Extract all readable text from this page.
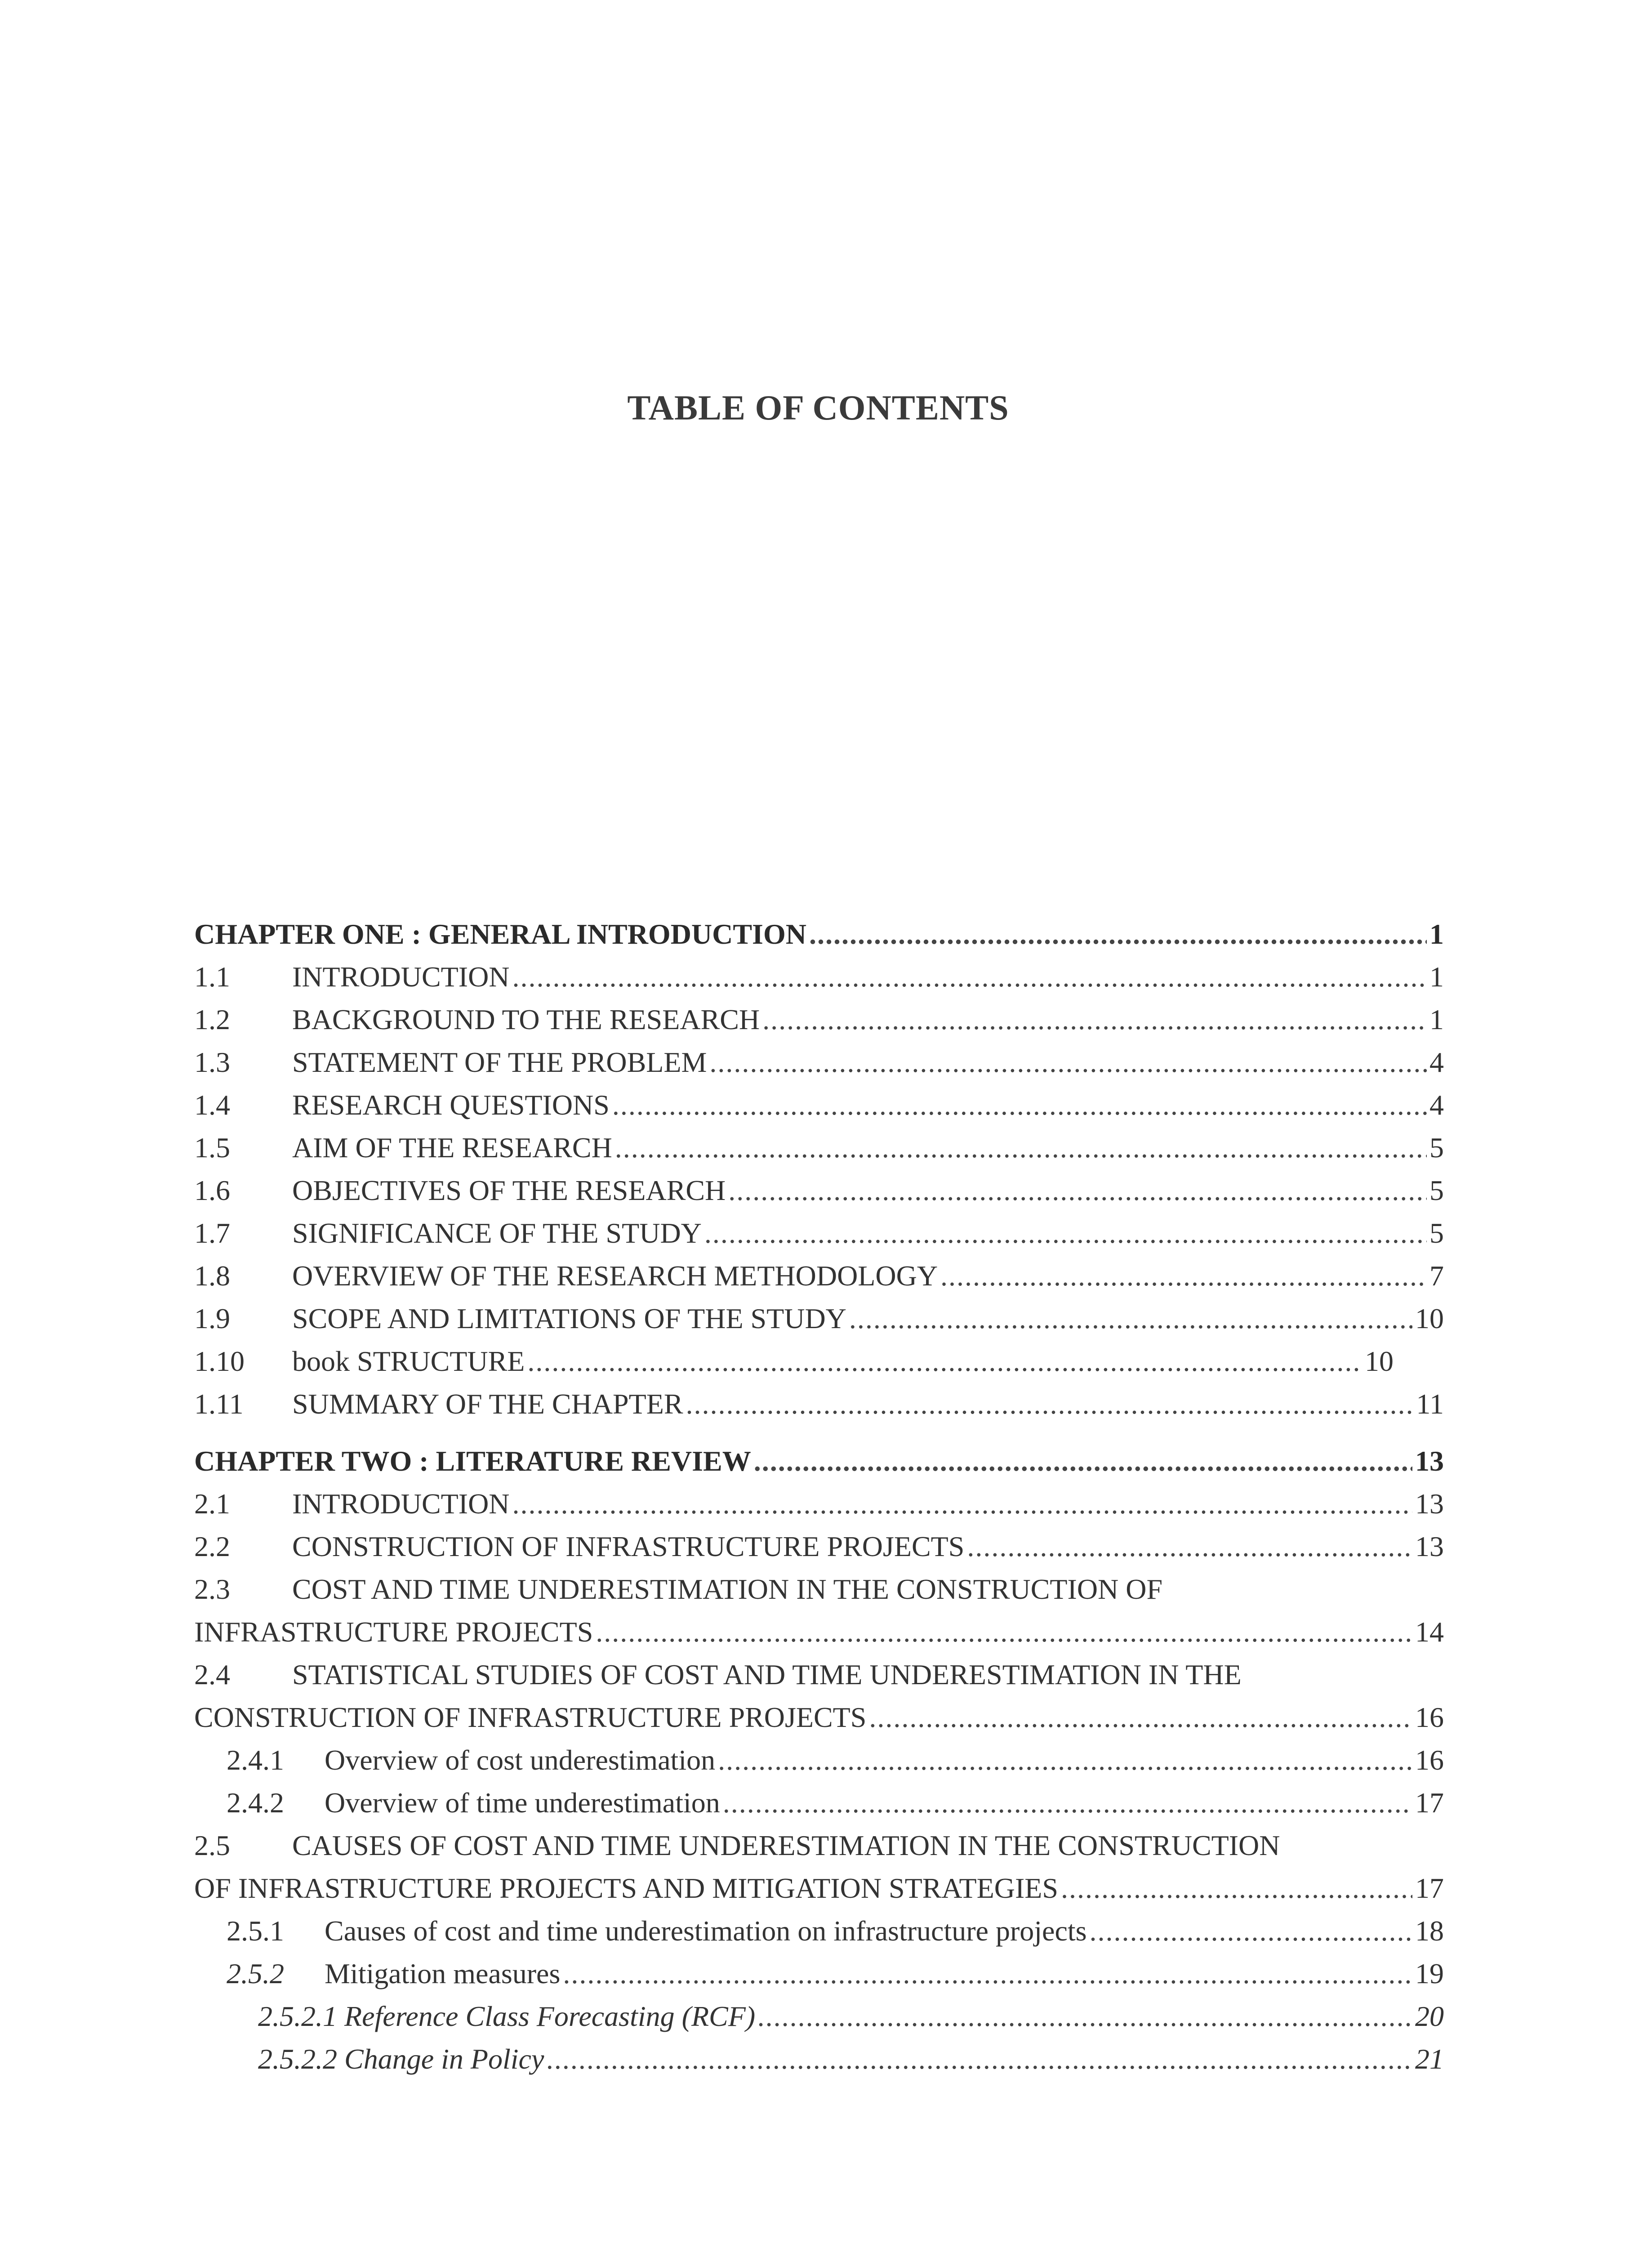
TABLE OF CONTENTS
CHAPTER ONE : GENERAL INTRODUCTION .....	1
1.1	INTRODUCTION .....	1
1.2	BACKGROUND TO THE RESEARCH .....	1
1.3	STATEMENT OF THE PROBLEM .....	4
1.4	RESEARCH QUESTIONS .....	4
1.5	AIM OF THE RESEARCH .....	5
1.6	OBJECTIVES OF THE RESEARCH .....	5
1.7	SIGNIFICANCE OF THE STUDY .....	5
1.8	OVERVIEW OF THE RESEARCH METHODOLOGY .....	7
1.9	SCOPE AND LIMITATIONS OF THE STUDY .....	10
1.10	book STRUCTURE .....	10
1.11	SUMMARY OF THE CHAPTER .....	11
CHAPTER TWO : LITERATURE REVIEW .....	13
2.1	INTRODUCTION .....	13
2.2	CONSTRUCTION OF INFRASTRUCTURE PROJECTS .....	13
2.3 COST AND TIME UNDERESTIMATION IN THE CONSTRUCTION OF
INFRASTRUCTURE PROJECTS .....	14
2.4 STATISTICAL STUDIES OF COST AND TIME UNDERESTIMATION IN THE
CONSTRUCTION OF INFRASTRUCTURE PROJECTS .....	16
2.4.1	Overview of cost underestimation .....	16
2.4.2	Overview of time underestimation .....	17
2.5 CAUSES OF COST AND TIME UNDERESTIMATION IN THE CONSTRUCTION
OF INFRASTRUCTURE PROJECTS AND MITIGATION STRATEGIES .....	17
2.5.1	Causes of cost and time underestimation on infrastructure projects .....	18
2.5.2	Mitigation measures .....	19
2.5.2.1 Reference Class Forecasting (RCF) .....	20
2.5.2.2 Change in Policy .....	21
